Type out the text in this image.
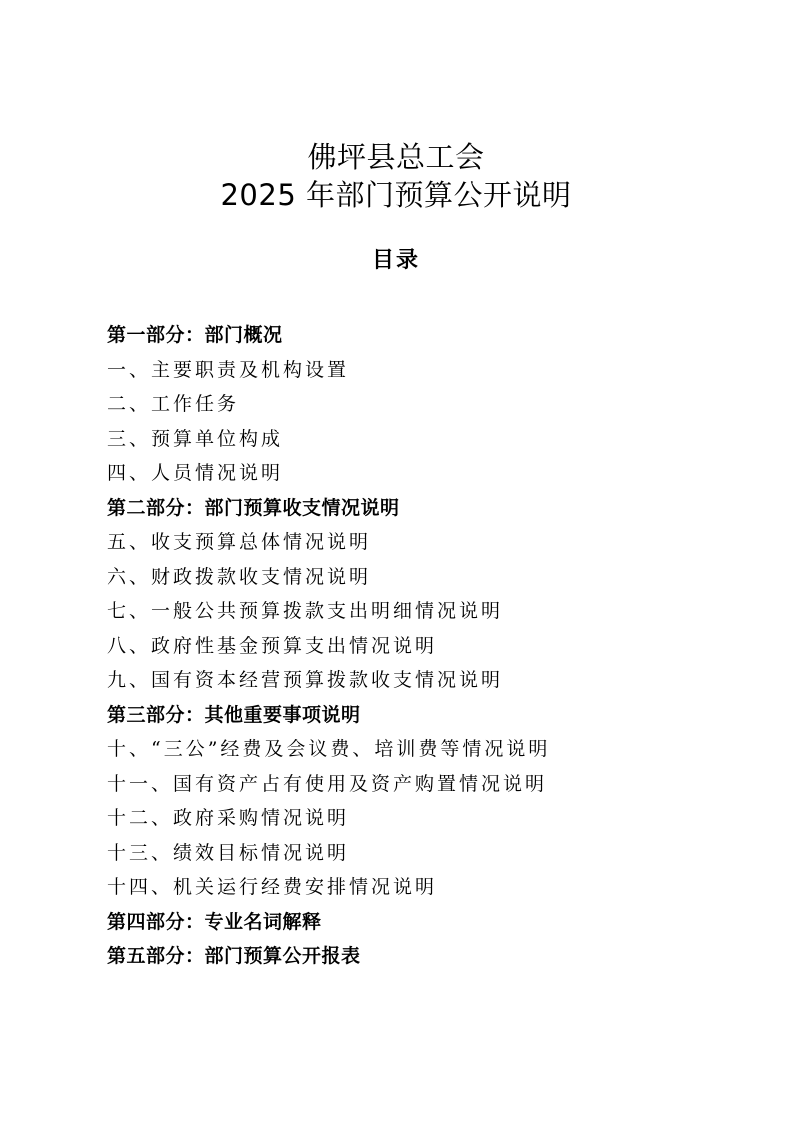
佛坪县总工会
2025 年部门预算公开说明
目录
第一部分：部门概况
一、主要职责及机构设置
二、工作任务
三、预算单位构成
四、人员情况说明
第二部分：部门预算收支情况说明
五、收支预算总体情况说明
六、财政拨款收支情况说明
七、一般公共预算拨款支出明细情况说明
八、政府性基金预算支出情况说明
九、国有资本经营预算拨款收支情况说明
第三部分：其他重要事项说明
十、“三公”经费及会议费、培训费等情况说明
十一、国有资产占有使用及资产购置情况说明
十二、政府采购情况说明
十三、绩效目标情况说明
十四、机关运行经费安排情况说明
第四部分：专业名词解释
第五部分：部门预算公开报表
